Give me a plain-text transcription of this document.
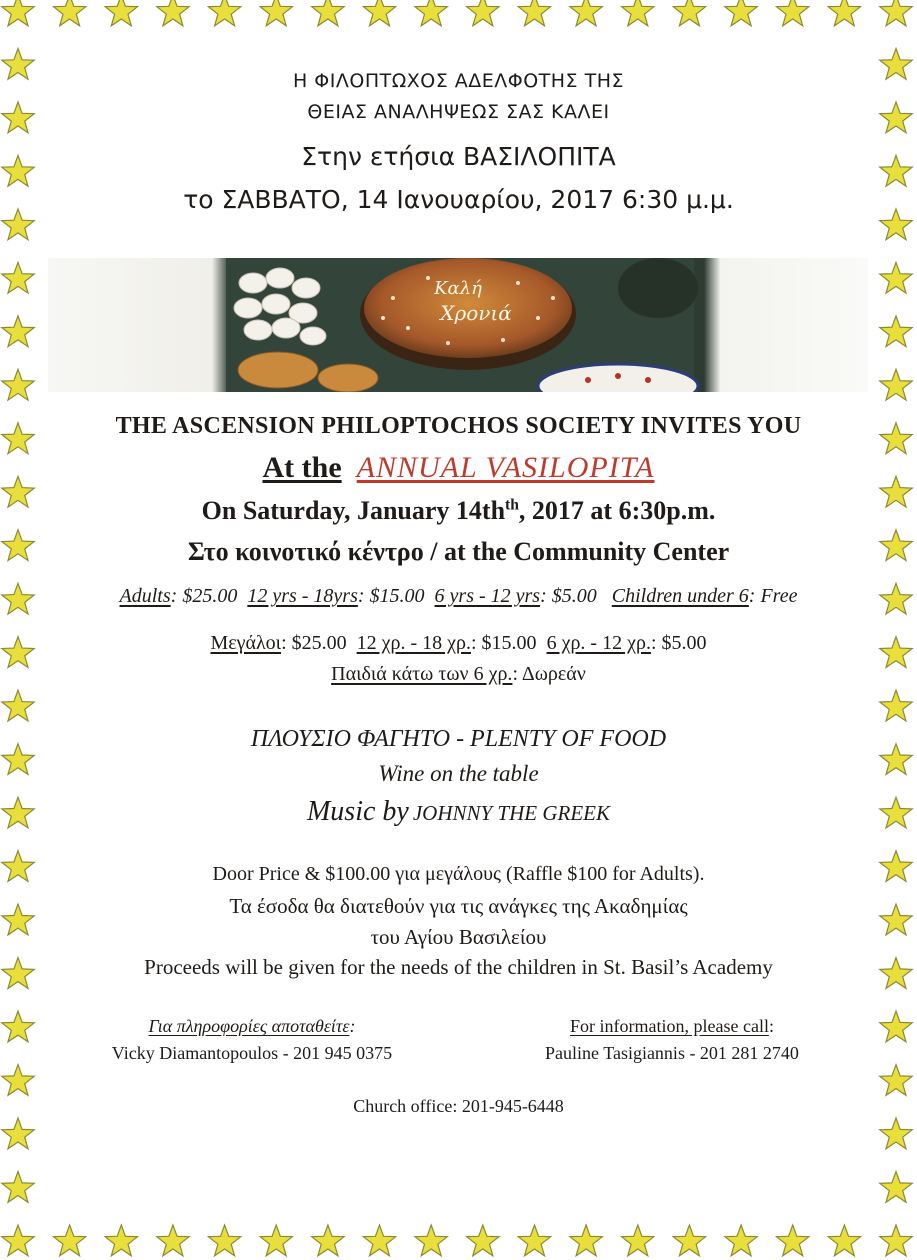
Η ΦΙΛΟΠΤΩΧΟΣ ΑΔΕΛΦΟΤΗΣ ΤΗΣ
ΘΕΙΑΣ ΑΝΑΛΗΨΕΩΣ ΣΑΣ ΚΑΛΕΙ
Στην ετήσια ΒΑΣΙΛΟΠΙΤΑ
το ΣΑΒΒΑΤΟ, 14 Ιανουαρίου, 2017 6:30 μ.μ.
Καλή
Χρονιά
THE ASCENSION PHILOPTOCHOS SOCIETY INVITES YOU
At the ANNUAL VASILOPITA
On Saturday, January $14th^{th}$, 2017 at 6:30p.m.
Στο κοινοτικό κέντρο / at the Community Center
Adults: $25.00 12 yrs - 18yrs: $15.00 6 yrs - 12 yrs: $5.00 Children under 6: Free
Μεγάλοι: $25.00 12 χρ. - 18 χρ.: $15.00 6 χρ. - 12 χρ.: $5.00
Παιδιά κάτω των 6 χρ.: Δωρεάν
ΠΛΟΥΣΙΟ ΦΑΓΗΤΟ - PLENTY OF FOOD
Wine on the table
Music by JOHNNY THE GREEK
Door Price & $100.00 για μεγάλους (Raffle $100 for Adults).
Τα έσοδα θα διατεθούν για τις ανάγκες της Ακαδημίας
του Αγίου Βασιλείου
Proceeds will be given for the needs of the children in St. Basil’s Academy
Για πληροφορίες αποταθείτε:
Vicky Diamantopoulos - 201 945 0375
For information, please call:
Pauline Tasigiannis - 201 281 2740
Church office: 201-945-6448
